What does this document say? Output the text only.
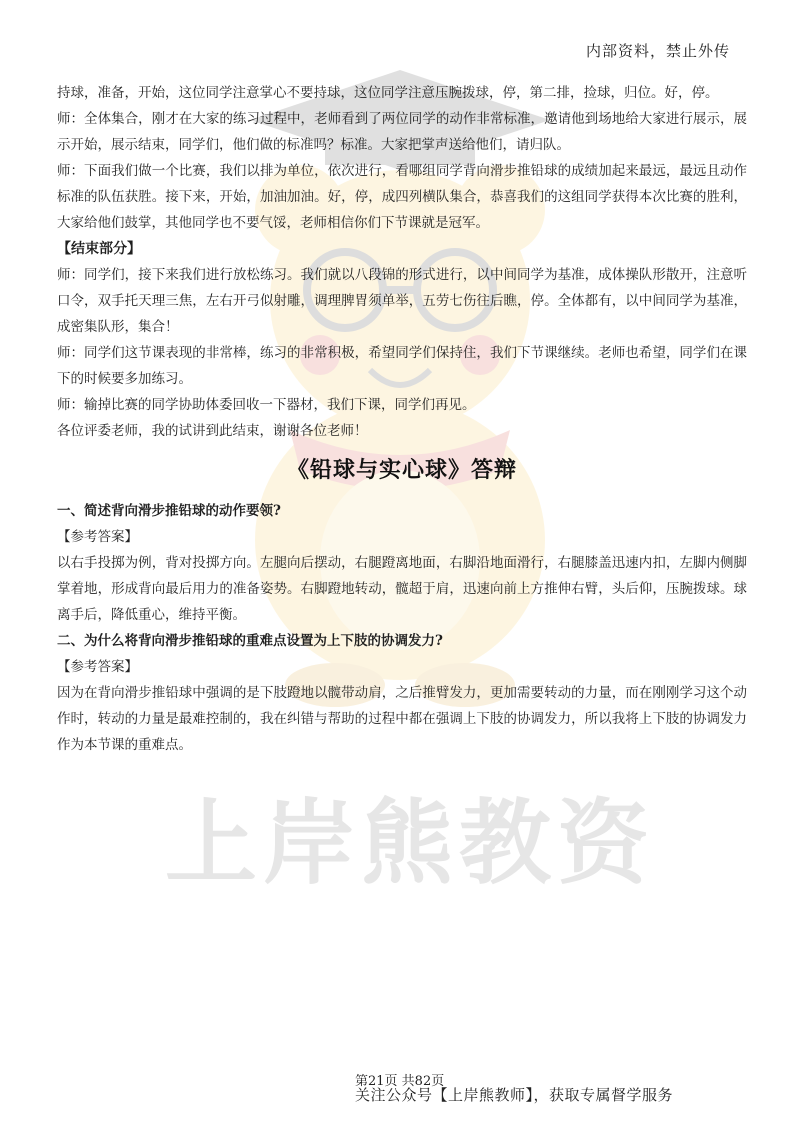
上岸熊教资
内部资料，禁止外传

持球，准备，开始，这位同学注意掌心不要持球，这位同学注意压腕拨球，停，第二排，捡球，归位。好，停。

师：全体集合，刚才在大家的练习过程中，老师看到了两位同学的动作非常标准，邀请他到场地给大家进行展示，展示开始，展示结束，同学们，他们做的标准吗？标准。大家把掌声送给他们，请归队。

师：下面我们做一个比赛，我们以排为单位，依次进行，看哪组同学背向滑步推铅球的成绩加起来最远，最远且动作标准的队伍获胜。接下来，开始，加油加油。好，停，成四列横队集合，恭喜我们的这组同学获得本次比赛的胜利，大家给他们鼓掌，其他同学也不要气馁，老师相信你们下节课就是冠军。

【结束部分】

师：同学们，接下来我们进行放松练习。我们就以八段锦的形式进行，以中间同学为基准，成体操队形散开，注意听口令，双手托天理三焦，左右开弓似射雕，调理脾胃须单举，五劳七伤往后瞧，停。全体都有，以中间同学为基准，成密集队形，集合！

师：同学们这节课表现的非常棒，练习的非常积极，希望同学们保持住，我们下节课继续。老师也希望，同学们在课下的时候要多加练习。

师：输掉比赛的同学协助体委回收一下器材，我们下课，同学们再见。

各位评委老师，我的试讲到此结束，谢谢各位老师！

《铅球与实心球》答辩

一、简述背向滑步推铅球的动作要领?

【参考答案】

以右手投掷为例，背对投掷方向。左腿向后摆动，右腿蹬离地面，右脚沿地面滑行，右腿膝盖迅速内扣，左脚内侧脚掌着地，形成背向最后用力的准备姿势。右脚蹬地转动，髋超于肩，迅速向前上方推伸右臂，头后仰，压腕拨球。球离手后，降低重心，维持平衡。

二、为什么将背向滑步推铅球的重难点设置为上下肢的协调发力?

【参考答案】

因为在背向滑步推铅球中强调的是下肢蹬地以髋带动肩，之后推臂发力，更加需要转动的力量，而在刚刚学习这个动作时，转动的力量是最难控制的，我在纠错与帮助的过程中都在强调上下肢的协调发力，所以我将上下肢的协调发力作为本节课的重难点。

第21页 共82页
关注公众号【上岸熊教师】，获取专属督学服务
